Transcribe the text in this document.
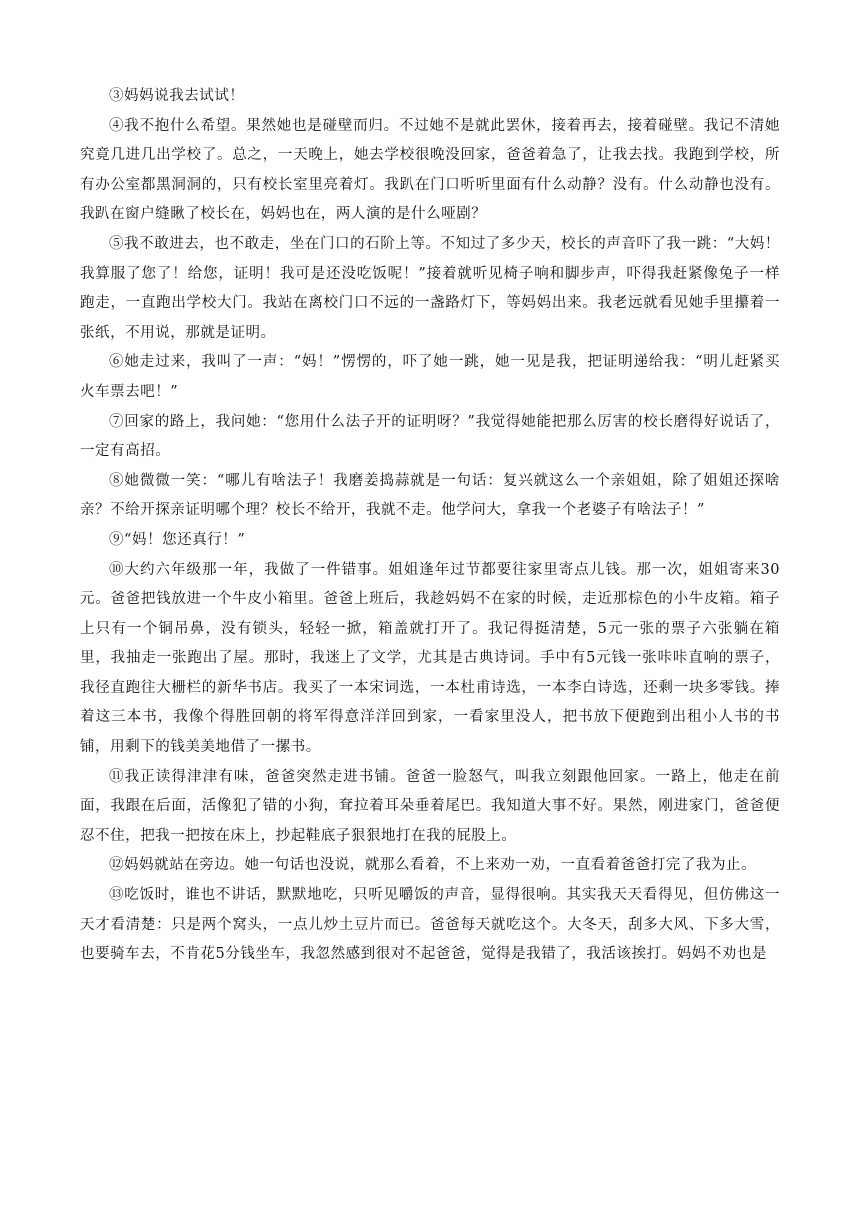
③妈妈说我去试试！

④我不抱什么希望。果然她也是碰壁而归。不过她不是就此罢休，接着再去，接着碰壁。我记不清她究竟几进几出学校了。总之，一天晚上，她去学校很晚没回家，爸爸着急了，让我去找。我跑到学校，所有办公室都黑洞洞的，只有校长室里亮着灯。我趴在门口听听里面有什么动静？没有。什么动静也没有。我趴在窗户缝瞅了校长在，妈妈也在，两人演的是什么哑剧？

⑤我不敢进去，也不敢走，坐在门口的石阶上等。不知过了多少天，校长的声音吓了我一跳：“大妈！我算服了您了！给您，证明！我可是还没吃饭呢！”接着就听见椅子响和脚步声，吓得我赶紧像兔子一样跑走，一直跑出学校大门。我站在离校门口不远的一盏路灯下，等妈妈出来。我老远就看见她手里攥着一张纸，不用说，那就是证明。

⑥她走过来，我叫了一声：“妈！”愣愣的，吓了她一跳，她一见是我，把证明递给我：“明儿赶紧买火车票去吧！”

⑦回家的路上，我问她：“您用什么法子开的证明呀？”我觉得她能把那么厉害的校长磨得好说话了，一定有高招。

⑧她微微一笑：“哪儿有啥法子！我磨姜捣蒜就是一句话：复兴就这么一个亲姐姐，除了姐姐还探啥亲？不给开探亲证明哪个理？校长不给开，我就不走。他学问大，拿我一个老婆子有啥法子！”

⑨“妈！您还真行！”

⑩大约六年级那一年，我做了一件错事。姐姐逢年过节都要往家里寄点儿钱。那一次，姐姐寄来30元。爸爸把钱放进一个牛皮小箱里。爸爸上班后，我趁妈妈不在家的时候，走近那棕色的小牛皮箱。箱子上只有一个铜吊鼻，没有锁头，轻轻一掀，箱盖就打开了。我记得挺清楚，5元一张的票子六张躺在箱里，我抽走一张跑出了屋。那时，我迷上了文学，尤其是古典诗词。手中有5元钱一张咔咔直响的票子，我径直跑往大栅栏的新华书店。我买了一本宋词选，一本杜甫诗选，一本李白诗选，还剩一块多零钱。捧着这三本书，我像个得胜回朝的将军得意洋洋回到家，一看家里没人，把书放下便跑到出租小人书的书铺，用剩下的钱美美地借了一摞书。

⑪我正读得津津有味，爸爸突然走进书铺。爸爸一脸怒气，叫我立刻跟他回家。一路上，他走在前面，我跟在后面，活像犯了错的小狗，耷拉着耳朵垂着尾巴。我知道大事不好。果然，刚进家门，爸爸便忍不住，把我一把按在床上，抄起鞋底子狠狠地打在我的屁股上。

⑫妈妈就站在旁边。她一句话也没说，就那么看着，不上来劝一劝，一直看着爸爸打完了我为止。

⑬吃饭时，谁也不讲话，默默地吃，只听见嚼饭的声音，显得很响。其实我天天看得见，但仿佛这一天才看清楚：只是两个窝头，一点儿炒土豆片而已。爸爸每天就吃这个。大冬天，刮多大风、下多大雪，也要骑车去，不肯花5分钱坐车，我忽然感到很对不起爸爸，觉得是我错了，我活该挨打。妈妈不劝也是
